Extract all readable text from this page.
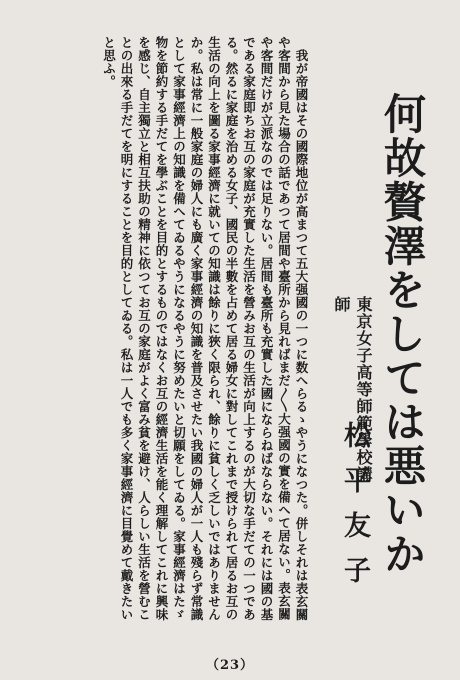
何故贅澤をしては悪いか
東京女子高等師範學校講師
松平友子

我が帝國はその國際地位が高まつて五大强國の一つに数へらるゝやうになつた。併しそれは表玄關や客間から見た場合の話であつて居間や臺所から見ればまだ〳〵大强國の實を備へて居ない。表玄關や客間だけが立派なのでは足りない。居間も臺所も充實した國にならねばならない。それには國の基である家庭即ちお互の家庭が充實した生活を營みお互の生活が向上するのが大切な手だての一つである。然るに家庭を治める女子、國民の半數を占めて居る婦女に對してこれまで授けられて居るお互の生活の向上を圖る家事經濟に就いての知識は餘りに狹く限られ、餘りに貧しく乏しいではありませんか。私は常に一般家庭の婦人にも廣く家事經濟の知識を普及させたい我國の婦人が一人も殘らず常識として家事經濟上の知識を備へてゐるやうになるやうに努めたいと切願をしてゐる。家事經濟はたゞ物を節約する手だてを學ぶことを目的とするものではなくお互の經濟生活を能く理解してこれに興味を感じ、自主獨立と相互扶助の精神に依つてお互の家庭がよく富み貧を避け、人らしい生活を營むことの出來る手だてを明にすることを目的としてゐる。私は一人でも多く家事經濟に目覺めて戴きたいと思ふ。

（23）
